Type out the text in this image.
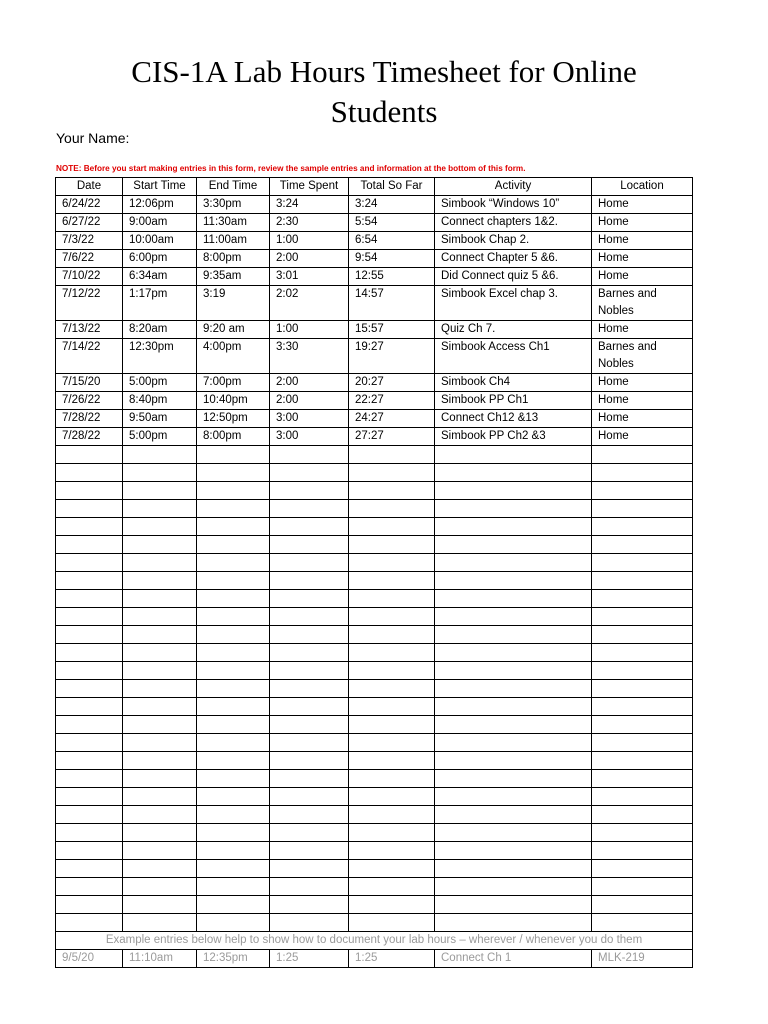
CIS-1A Lab Hours Timesheet for Online
Students
Your Name:
NOTE: Before you start making entries in this form, review the sample entries and information at the bottom of this form.
Date	Start Time	End Time	Time Spent	Total So Far	Activity	Location
6/24/22	12:06pm	3:30pm	3:24	3:24	Simbook “Windows 10”	Home
6/27/22	9:00am	11:30am	2:30	5:54	Connect chapters 1&2.	Home
7/3/22	10:00am	11:00am	1:00	6:54	Simbook Chap 2.	Home
7/6/22	6:00pm	8:00pm	2:00	9:54	Connect Chapter 5 &6.	Home
7/10/22	6:34am	9:35am	3:01	12:55	Did Connect quiz 5 &6.	Home
7/12/22	1:17pm	3:19	2:02	14:57	Simbook Excel chap 3.	Barnes and Nobles
7/13/22	8:20am	9:20 am	1:00	15:57	Quiz Ch 7.	Home
7/14/22	12:30pm	4:00pm	3:30	19:27	Simbook Access Ch1	Barnes and Nobles
7/15/20	5:00pm	7:00pm	2:00	20:27	Simbook Ch4	Home
7/26/22	8:40pm	10:40pm	2:00	22:27	Simbook PP Ch1	Home
7/28/22	9:50am	12:50pm	3:00	24:27	Connect Ch12 &13	Home
7/28/22	5:00pm	8:00pm	3:00	27:27	Simbook PP Ch2 &3	Home

Example entries below help to show how to document your lab hours – wherever / whenever you do them						
9/5/20	11:10am	12:35pm	1:25	1:25	Connect Ch 1	MLK-219
